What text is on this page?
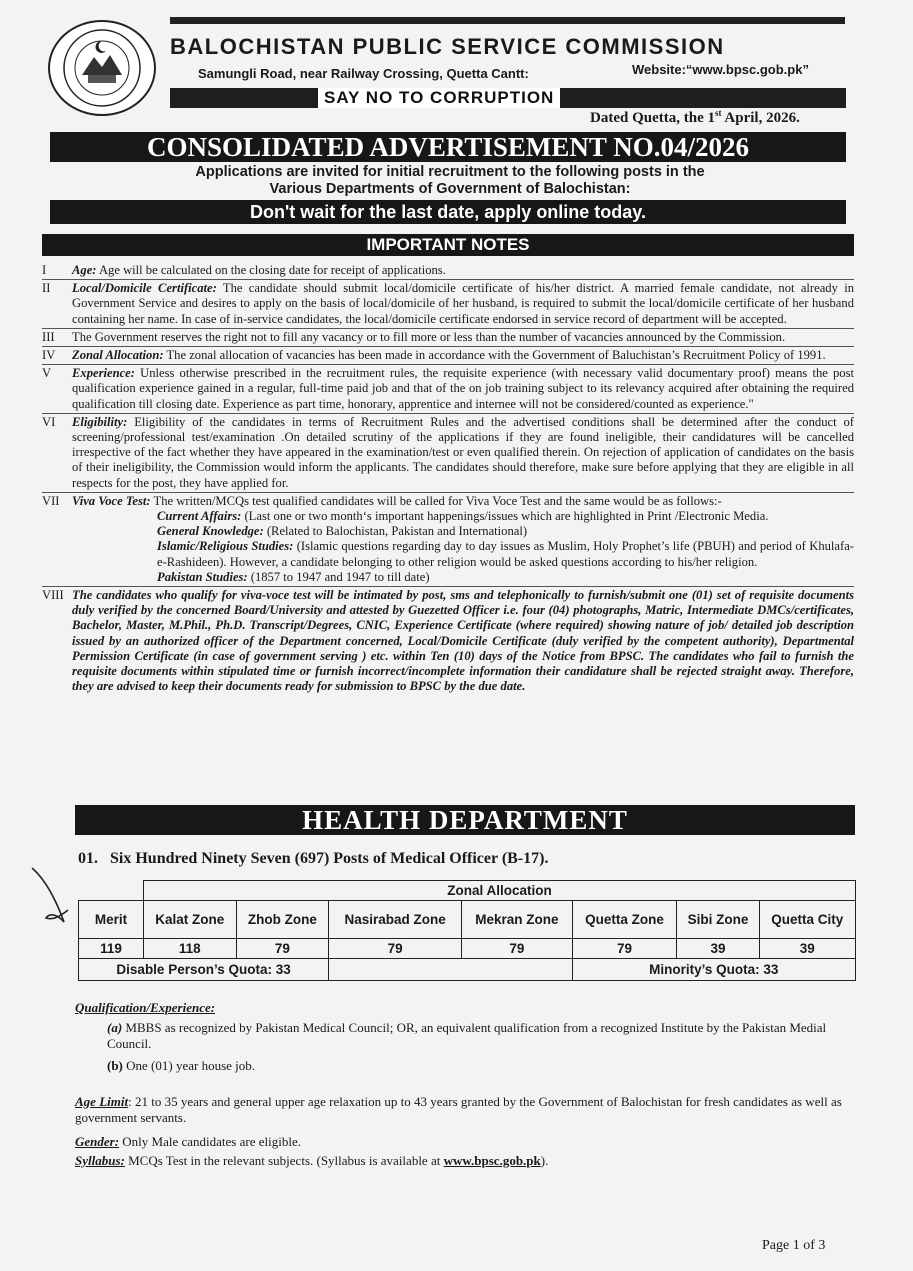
BALOCHISTAN PUBLIC SERVICE COMMISSION
Samungli Road, near Railway Crossing, Quetta Cantt:	Website:“www.bpsc.gob.pk”
SAY NO TO CORRUPTION
Dated Quetta, the 1st April, 2026.
CONSOLIDATED ADVERTISEMENT NO.04/2026
Applications are invited for initial recruitment to the following posts in the
Various Departments of Government of Balochistan:
Don't wait for the last date, apply online today.
IMPORTANT NOTES
I	Age: Age will be calculated on the closing date for receipt of applications.
II	Local/Domicile Certificate: The candidate should submit local/domicile certificate of his/her district. A married female candidate, not already in Government Service and desires to apply on the basis of local/domicile of her husband, is required to submit the local/domicile certificate of her husband containing her name. In case of in-service candidates, the local/domicile certificate endorsed in service record of department will be accepted.
III	The Government reserves the right not to fill any vacancy or to fill more or less than the number of vacancies announced by the Commission.
IV	Zonal Allocation: The zonal allocation of vacancies has been made in accordance with the Government of Baluchistan’s Recruitment Policy of 1991.
V	Experience: Unless otherwise prescribed in the recruitment rules, the requisite experience (with necessary valid documentary proof) means the post qualification experience gained in a regular, full-time paid job and that of the on job training subject to its relevancy acquired after obtaining the required qualification till closing date. Experience as part time, honorary, apprentice and internee will not be considered/counted as experience."
VI	Eligibility: Eligibility of the candidates in terms of Recruitment Rules and the advertised conditions shall be determined after the conduct of screening/professional test/examination .On detailed scrutiny of the applications if they are found ineligible, their candidatures will be cancelled irrespective of the fact whether they have appeared in the examination/test or even qualified therein. On rejection of application of candidates on the basis of their ineligibility, the Commission would inform the applicants. The candidates should therefore, make sure before applying that they are eligible in all respects for the post, they have applied for.
VII Viva Voce Test: The written/MCQs test qualified candidates will be called for Viva Voce Test and the same would be as follows:-
Current Affairs: (Last one or two month‘s important happenings/issues which are highlighted in Print /Electronic Media.
General Knowledge: (Related to Balochistan, Pakistan and International)
Islamic/Religious Studies: (Islamic questions regarding day to day issues as Muslim, Holy Prophet’s life (PBUH) and period of Khulafa-e-Rashideen). However, a candidate belonging to other religion would be asked questions according to his/her religion.
Pakistan Studies: (1857 to 1947 and 1947 to till date)
VIII The candidates who qualify for viva-voce test will be intimated by post, sms and telephonically to furnish/submit one (01) set of requisite documents duly verified by the concerned Board/University and attested by Guezetted Officer i.e. four (04) photographs, Matric, Intermediate DMCs/certificates, Bachelor, Master, M.Phil., Ph.D. Transcript/Degrees, CNIC, Experience Certificate (where required) showing nature of job/ detailed job description issued by an authorized officer of the Department concerned, Local/Domicile Certificate (duly verified by the competent authority), Departmental Permission Certificate (in case of government serving ) etc. within Ten (10) days of the Notice from BPSC. The candidates who fail to furnish the requisite documents within stipulated time or furnish incorrect/incomplete information their candidature shall be rejected straight away. Therefore, they are advised to keep their documents ready for submission to BPSC by the due date.
HEALTH DEPARTMENT
01. Six Hundred Ninety Seven (697) Posts of Medical Officer (B-17).
	Zonal Allocation						
Merit	Kalat Zone	Zhob Zone	Nasirabad Zone	Mekran Zone	Quetta Zone	Sibi Zone	Quetta City
119	118	79	79	79	79	39	39
Disable Person’s Quota: 33					Minority’s Quota: 33		

Qualification/Experience:

(a) MBBS as recognized by Pakistan Medical Council; OR, an equivalent qualification from a recognized Institute by the Pakistan Medial Council.

(b) One (01) year house job.

Age Limit: 21 to 35 years and general upper age relaxation up to 43 years granted by the Government of Balochistan for fresh candidates as well as government servants.

Gender: Only Male candidates are eligible.

Syllabus: MCQs Test in the relevant subjects. (Syllabus is available at www.bpsc.gob.pk).

Page 1 of 3
